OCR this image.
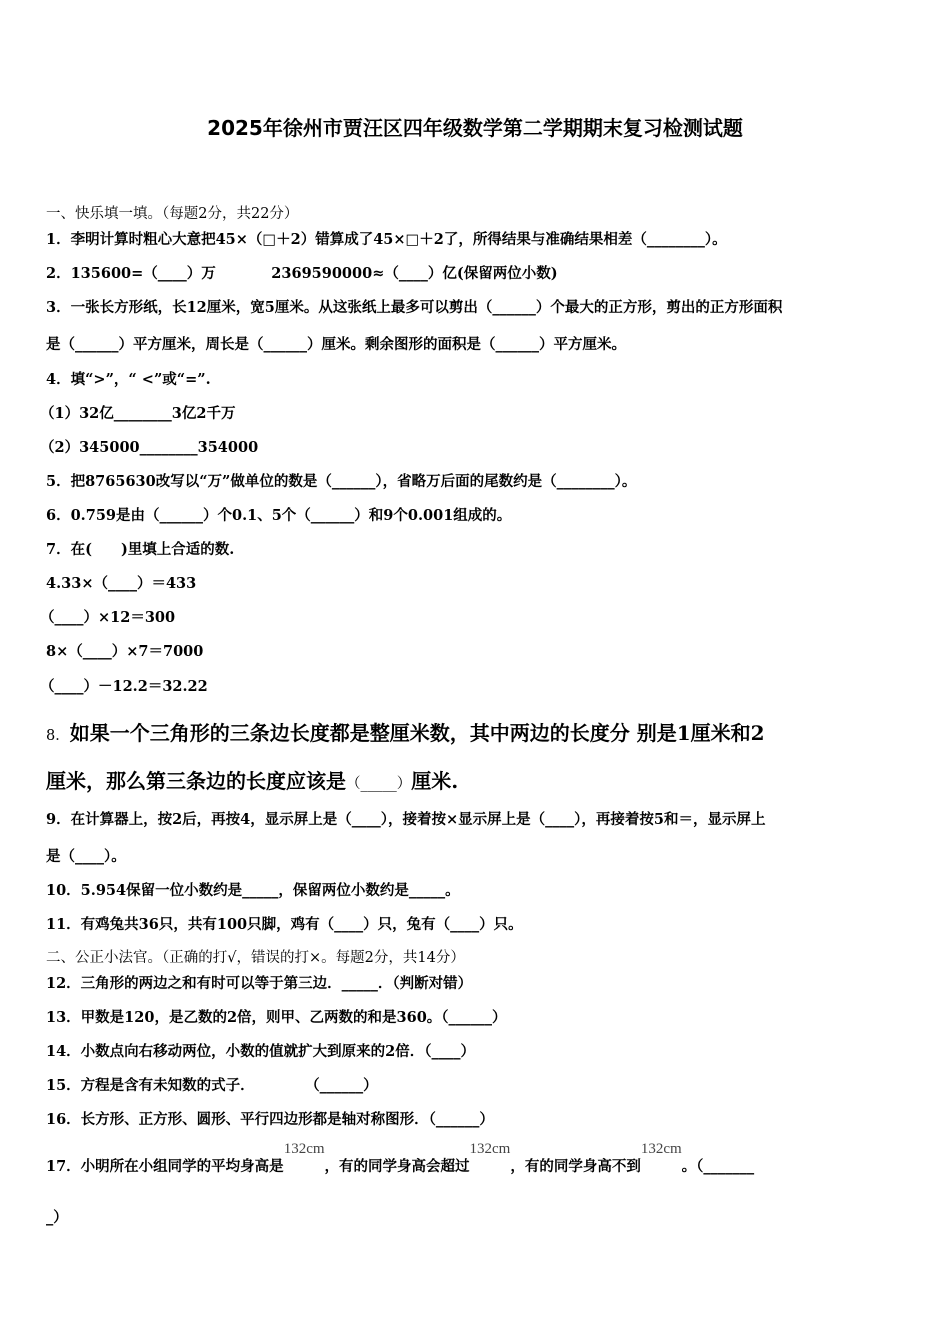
2025年徐州市贾汪区四年级数学第二学期期末复习检测试题
一、快乐填一填。（每题2分，共22分）
1．李明计算时粗心大意把45×（□＋2）错算成了45×□＋2了，所得结果与准确结果相差（________）。
2．135600=（____）万           2369590000≈（____）亿(保留两位小数)
3．一张长方形纸，长12厘米，宽5厘米。从这张纸上最多可以剪出（______）个最大的正方形，剪出的正方形面积
是（______）平方厘米，周长是（______）厘米。剩余图形的面积是（______）平方厘米。
4．填“>”，“ <”或“=”.
（1）32亿________3亿2千万
（2）345000________354000
5．把8765630改写以“万”做单位的数是（______），省略万后面的尾数约是（________）。
6．0.759是由（______）个0.1、5个（______）和9个0.001组成的。
7．在(　　)里填上合适的数.
4.33×（____）＝433
（____）×12＝300
8×（____）×7＝7000
（____）－12.2＝32.22
8．如果一个三角形的三条边长度都是整厘米数，其中两边的长度分 别是1厘米和2
厘米，那么第三条边的长度应该是（_____）厘米.
9．在计算器上，按2后，再按4，显示屏上是（____），接着按×显示屏上是（____），再接着按5和＝，显示屏上
是（____）。
10．5.954保留一位小数约是_____，保留两位小数约是_____。
11．有鸡兔共36只，共有100只脚，鸡有（____）只，兔有（____）只。
二、公正小法官。（正确的打√，错误的打×。每题2分，共14分）
12．三角形的两边之和有时可以等于第三边．_____．（判断对错）
13．甲数是120，是乙数的2倍，则甲、乙两数的和是360。（______）
14．小数点向右移动两位，小数的值就扩大到原来的2倍．（____）
15．方程是含有未知数的式子．          （______）
16．长方形、正方形、圆形、平行四边形都是轴对称图形．（______）
17．小明所在小组同学的平均身高是132cm，有的同学身高会超过132cm，有的同学身高不到132cm。（_______
_）
